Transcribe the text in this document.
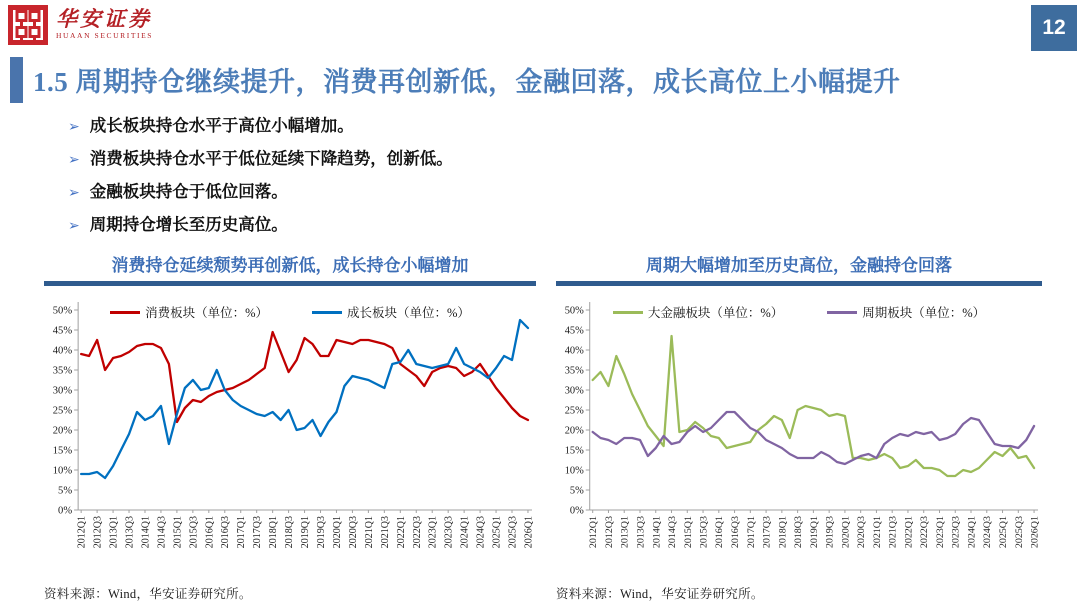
华安证券
HUAAN SECURITIES	12
1.5 周期持仓继续提升，消费再创新低，金融回落，成长高位上小幅提升
➢ 成长板块持仓水平于高位小幅增加。
➢ 消费板块持仓水平于低位延续下降趋势，创新低。
➢ 金融板块持仓于低位回落。
➢ 周期持仓增长至历史高位。
消费持仓延续颓势再创新低，成长持仓小幅增加
消费板块（单位：%）	成长板块（单位：%）
0%
5%
10%
15%
20%
25%
30%
35%
40%
45%
50%
2012Q1 2012Q3 2013Q1 2013Q3 2014Q1 2014Q3 2015Q1 2015Q3 2016Q1 2016Q3 2017Q1 2017Q3 2018Q1 2018Q3 2019Q1 2019Q3 2020Q1 2020Q3 2021Q1 2021Q3 2022Q1 2022Q3 2023Q1 2023Q3 2024Q1 2024Q3 2025Q1 2025Q3 2026Q1
周期大幅增加至历史高位，金融持仓回落
大金融板块（单位：%）	周期板块（单位：%）
0%
5%
10%
15%
20%
25%
30%
35%
40%
45%
50%
2012Q1 2012Q3 2013Q1 2013Q3 2014Q1 2014Q3 2015Q1 2015Q3 2016Q1 2016Q3 2017Q1 2017Q3 2018Q1 2018Q3 2019Q1 2019Q3 2020Q1 2020Q3 2021Q1 2021Q3 2022Q1 2022Q3 2023Q1 2023Q3 2024Q1 2024Q3 2025Q1 2025Q3 2026Q1
资料来源：Wind，华安证券研究所。	资料来源：Wind，华安证券研究所。
